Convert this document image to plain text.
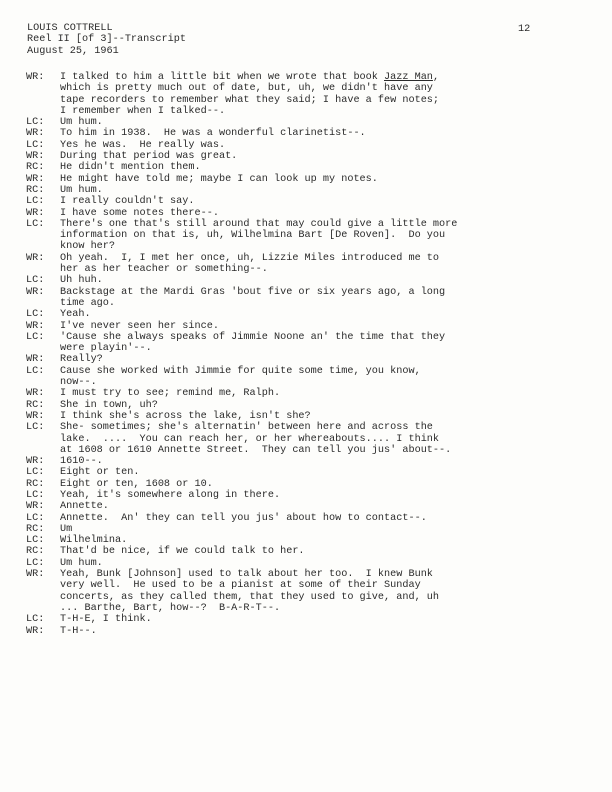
LOUIS COTTRELL
Reel II [of 3]--Transcript
August 25, 1961
12
WR:	I talked to him a little bit when we wrote that book Jazz Man,
which is pretty much out of date, but, uh, we didn't have any
tape recorders to remember what they said; I have a few notes;
I remember when I talked--.
LC:	Um hum.
WR:	To him in 1938.  He was a wonderful clarinetist--.
LC:	Yes he was.  He really was.
WR:	During that period was great.
RC:	He didn't mention them.
WR:	He might have told me; maybe I can look up my notes.
RC:	Um hum.
LC:	I really couldn't say.
WR:	I have some notes there--.
LC:	There's one that's still around that may could give a little more
information on that is, uh, Wilhelmina Bart [De Roven].  Do you
know her?
WR:	Oh yeah.  I, I met her once, uh, Lizzie Miles introduced me to
her as her teacher or something--.
LC:	Uh huh.
WR:	Backstage at the Mardi Gras 'bout five or six years ago, a long
time ago.
LC:	Yeah.
WR:	I've never seen her since.
LC:	'Cause she always speaks of Jimmie Noone an' the time that they
were playin'--.
WR:	Really?
LC:	Cause she worked with Jimmie for quite some time, you know,
now--.
WR:	I must try to see; remind me, Ralph.
RC:	She in town, uh?
WR:	I think she's across the lake, isn't she?
LC:	She- sometimes; she's alternatin' between here and across the
lake.  ....  You can reach her, or her whereabouts.... I think
at 1608 or 1610 Annette Street.  They can tell you jus' about--.
WR:	1610--.
LC:	Eight or ten.
RC:	Eight or ten, 1608 or 10.
LC:	Yeah, it's somewhere along in there.
WR:	Annette.
LC:	Annette.  An' they can tell you jus' about how to contact--.
RC:	Um
LC:	Wilhelmina.
RC:	That'd be nice, if we could talk to her.
LC:	Um hum.
WR:	Yeah, Bunk [Johnson] used to talk about her too.  I knew Bunk
very well.  He used to be a pianist at some of their Sunday
concerts, as they called them, that they used to give, and, uh
... Barthe, Bart, how--?  B-A-R-T--.
LC:	T-H-E, I think.
WR:	T-H--.
